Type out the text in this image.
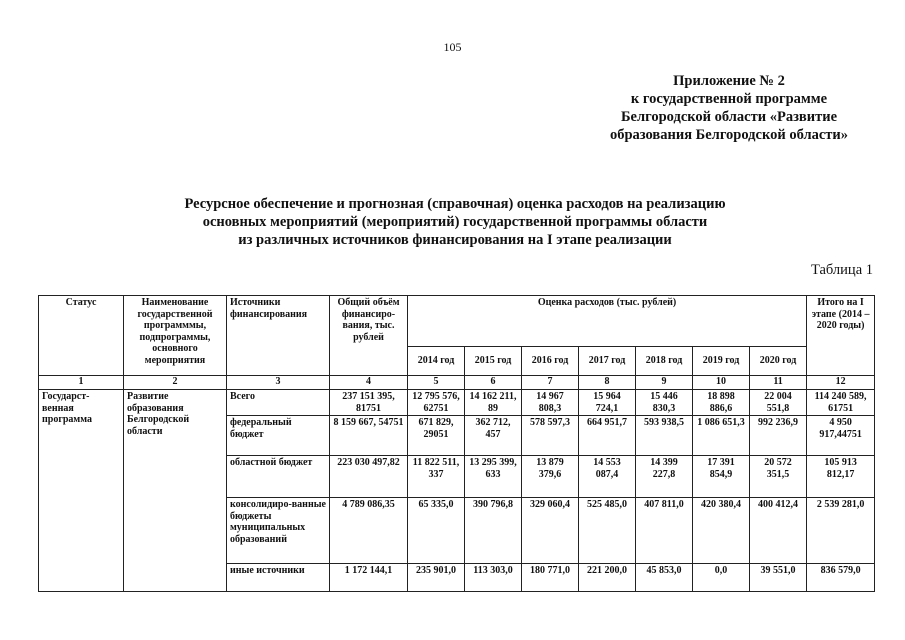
105
Приложение № 2
к государственной программе
Белгородской области «Развитие
образования Белгородской области»
Ресурсное обеспечение и прогнозная (справочная) оценка расходов на реализацию
основных мероприятий (мероприятий) государственной программы области
из различных источников финансирования на I этапе реализации
Таблица 1
Статус	Наименование государственной программмы, подпрограммы, основного мероприятия	Источники финансирования	Общий объём финансиро-вания, тыс. рублей	Оценка расходов (тыс. рублей)							Итого на I этапе (2014 – 2020 годы)
				2014 год	2015 год	2016 год	2017 год	2018 год	2019 год	2020 год	
1	2	3	4	5	6	7	8	9	10	11	12
Государст-венная программа	Развитие образования Белгородской области	Всего	237 151 395, 81751	12 795 576, 62751	14 162 211, 89	14 967 808,3	15 964 724,1	15 446 830,3	18 898 886,6	22 004 551,8	114 240 589, 61751
		федеральный бюджет	8 159 667, 54751	671 829, 29051	362 712, 457	578 597,3	664 951,7	593 938,5	1 086 651,3	992 236,9	4 950 917,44751
		областной бюджет	223 030 497,82	11 822 511, 337	13 295 399, 633	13 879 379,6	14 553 087,4	14 399 227,8	17 391 854,9	20 572 351,5	105 913 812,17
		консолидиро-ванные бюджеты муниципальных образований	4 789 086,35	65 335,0	390 796,8	329 060,4	525 485,0	407 811,0	420 380,4	400 412,4	2 539 281,0
		иные источники	1 172 144,1	235 901,0	113 303,0	180 771,0	221 200,0	45 853,0	0,0	39 551,0	836 579,0
